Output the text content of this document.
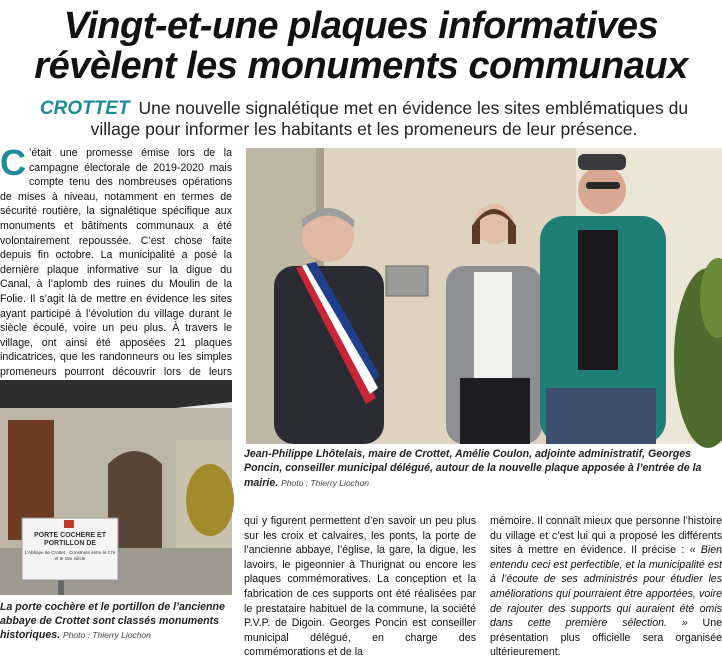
Vingt-et-une plaques informatives
révèlent les monuments communaux

CROTTET Une nouvelle signalétique met en évidence les sites emblématiques du village pour informer les habitants et les promeneurs de leur présence.

C ’était une promesse émise lors de la campagne électorale de 2019-2020 mais compte tenu des nombreuses opérations de mises à niveau, notamment en termes de sécurité routière, la signalétique spécifique aux monuments et bâtiments communaux a été volontairement repoussée. C’est chose faite depuis fin octobre. La municipalité a posé la dernière plaque informative sur la digue du Canal, à l’aplomb des ruines du Moulin de la Folie. Il s’agit là de mettre en évidence les sites ayant participé à l’évolution du village durant le siècle écoulé, voire un peu plus. À travers le village, ont ainsi été apposées 21 plaques indicatrices, que les randonneurs ou les simples promeneurs pourront découvrir lors de leurs
PORTE COCHERE ET PORTILLON DE
L’Abbaye de Crottet · Construits entre le 17e et le 18e siècle

Jean-Philippe Lhôtelais, maire de Crottet, Amélie Coulon, adjointe administratif, Georges Poncin, conseiller municipal délégué, autour de la nouvelle plaque apposée à l’entrée de la mairie. Photo : Thierry Liochon

La porte cochère et le portillon de l’ancienne abbaye de Crottet sont classés monuments historiques. Photo : Thierry Liochon

qui y figurent permettent d’en savoir un peu plus sur les croix et calvaires, les ponts, la porte de l’ancienne abbaye, l’église, la gare, la digue, les lavoirs, le pigeonnier à Thurignat ou encore les plaques commémoratives. La conception et la fabrication de ces supports ont été réalisées par le prestataire habituel de la commune, la société P.V.P. de Digoin. Georges Poncin est conseiller municipal délégué, en charge des commémorations et de la
mémoire. Il connaît mieux que personne l’histoire du village et c’est lui qui a proposé les différents sites à mettre en évidence. Il précise : « Bien entendu ceci est perfectible, et la municipalité est à l’écoute de ses administrés pour étudier les améliorations qui pourraient être apportées, voire de rajouter des supports qui auraient été omis dans cette première sélection. » Une présentation plus officielle sera organisée ultérieurement.
